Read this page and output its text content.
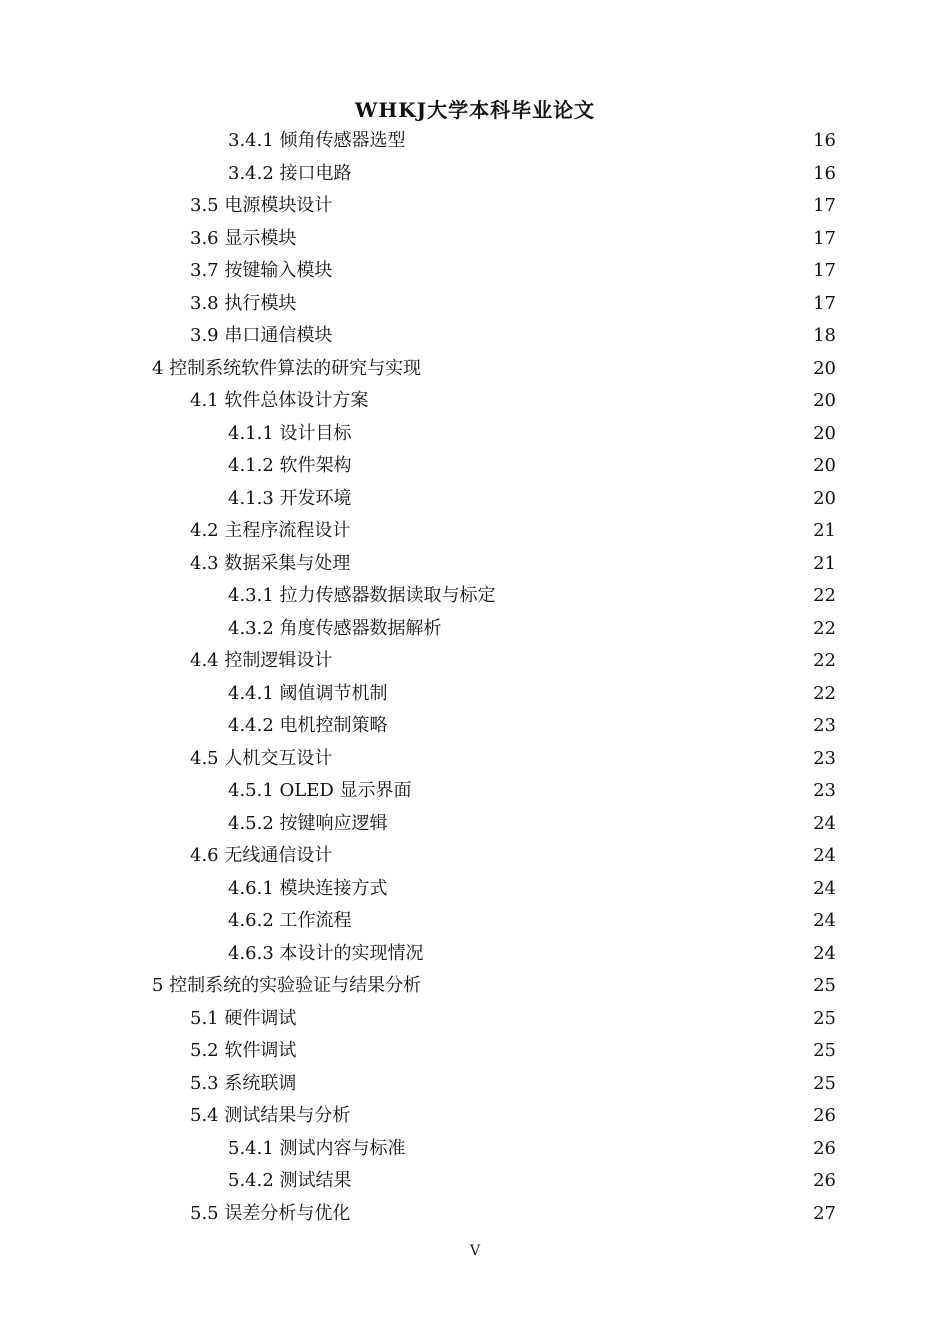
WHKJ大学本科毕业论文
3.4.1 倾角传感器选型	16
3.4.2 接口电路	16
3.5 电源模块设计	17
3.6 显示模块	17
3.7 按键输入模块	17
3.8 执行模块	17
3.9 串口通信模块	18
4 控制系统软件算法的研究与实现	20
4.1 软件总体设计方案	20
4.1.1 设计目标	20
4.1.2 软件架构	20
4.1.3 开发环境	20
4.2 主程序流程设计	21
4.3 数据采集与处理	21
4.3.1 拉力传感器数据读取与标定	22
4.3.2 角度传感器数据解析	22
4.4 控制逻辑设计	22
4.4.1 阈值调节机制	22
4.4.2 电机控制策略	23
4.5 人机交互设计	23
4.5.1 OLED 显示界面	23
4.5.2 按键响应逻辑	24
4.6 无线通信设计	24
4.6.1 模块连接方式	24
4.6.2 工作流程	24
4.6.3 本设计的实现情况	24
5 控制系统的实验验证与结果分析	25
5.1 硬件调试	25
5.2 软件调试	25
5.3 系统联调	25
5.4 测试结果与分析	26
5.4.1 测试内容与标准	26
5.4.2 测试结果	26
5.5 误差分析与优化	27
V
